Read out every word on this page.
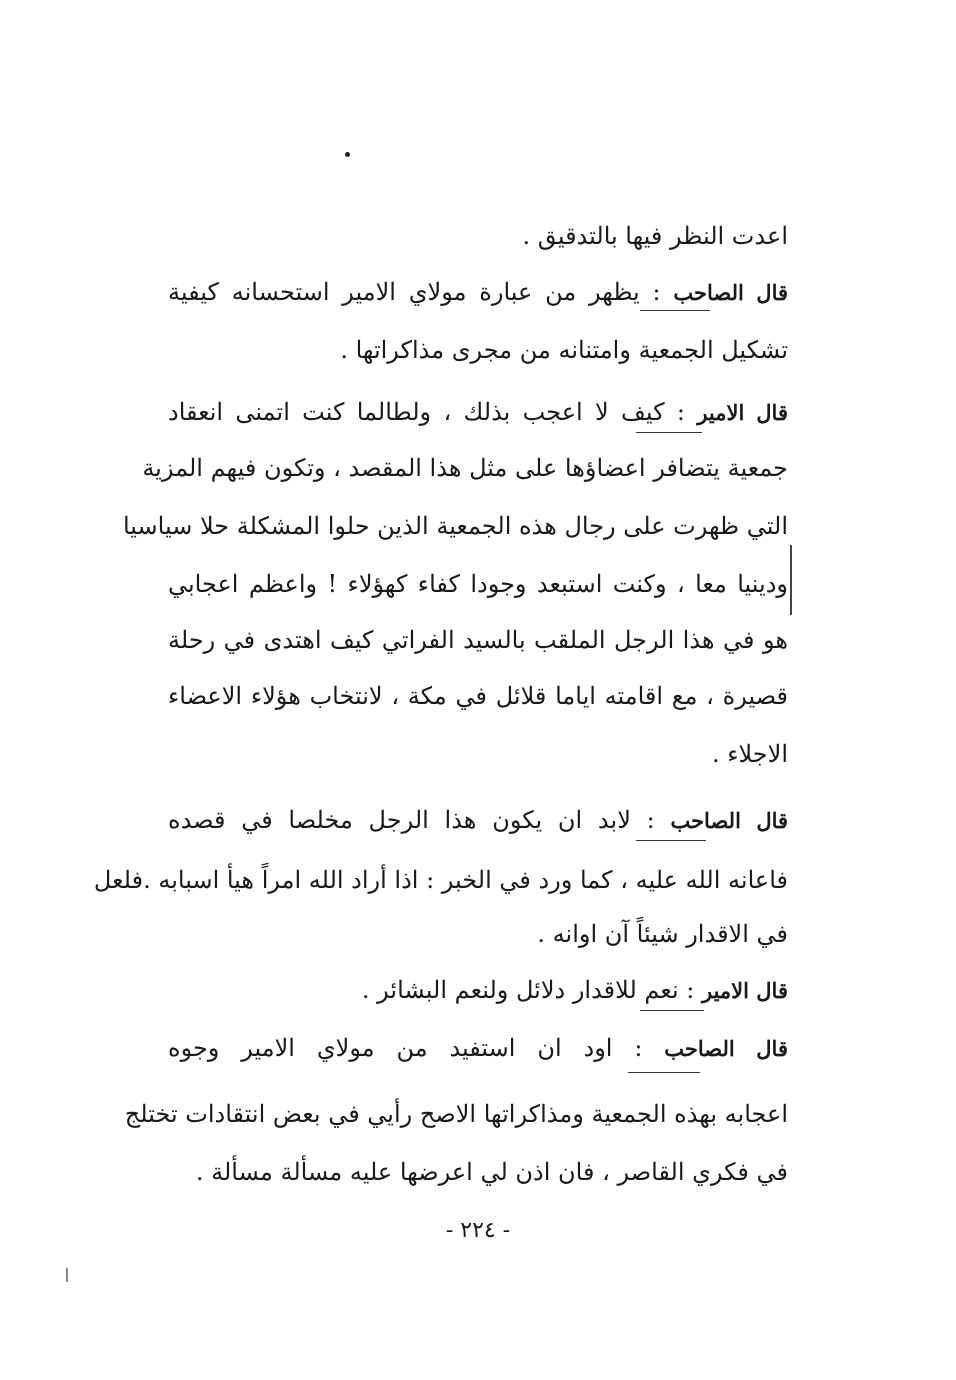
اعدت النظر فيها بالتدقيق .
قال الصاحب : يظهر من عبارة مولاي الامير استحسانه كيفية
تشكيل الجمعية وامتنانه من مجرى مذاكراتها .
قال الامير : كيف لا اعجب بذلك ، ولطالما كنت اتمنى انعقاد
جمعية يتضافر اعضاؤها على مثل هذا المقصد ، وتكون فيهم المزية
التي ظهرت على رجال هذه الجمعية الذين حلوا المشكلة حلا سياسيا
ودينيا معا ، وكنت استبعد وجودا كفاء كهؤلاء ! واعظم اعجابي
هو في هذا الرجل الملقب بالسيد الفراتي كيف اهتدى في رحلة
قصيرة ، مع اقامته اياما قلائل في مكة ، لانتخاب هؤلاء الاعضاء
الاجلاء .
قال الصاحب : لابد ان يكون هذا الرجل مخلصا في قصده
فاعانه الله عليه ، كما ورد في الخبر : اذا أراد الله امراً هيأ اسبابه .فلعل
في الاقدار شيئاً آن اوانه .
قال الامير : نعم للاقدار دلائل ولنعم البشائر .
قال الصاحب : اود ان استفيد من مولاي الامير وجوه
اعجابه بهذه الجمعية ومذاكراتها الاصح رأيي في بعض انتقادات تختلج
في فكري القاصر ، فان اذن لي اعرضها عليه مسألة مسألة .
- ٢٢٤ -
